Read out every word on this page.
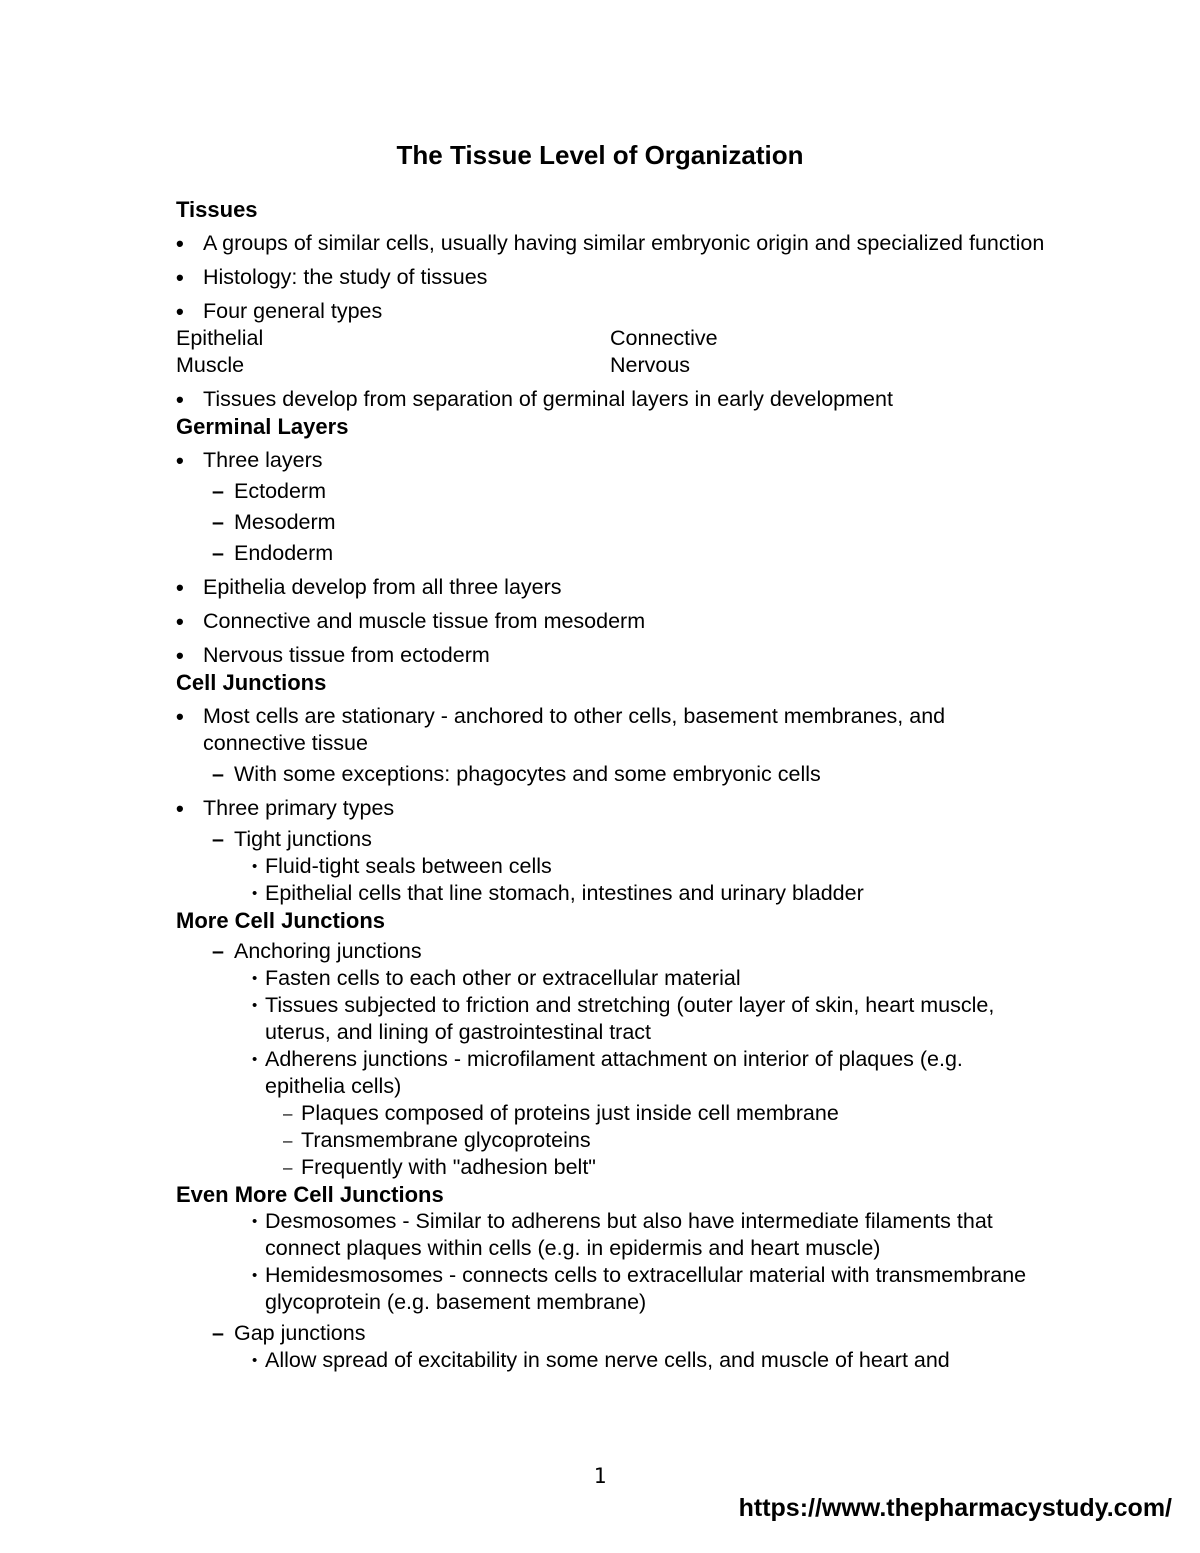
The Tissue Level of Organization
Tissues
• A groups of similar cells, usually having similar embryonic origin and specialized function
• Histology: the study of tissues
• Four general types
Epithelial	Connective
Muscle	Nervous
• Tissues develop from separation of germinal layers in early development
Germinal Layers
• Three layers
– Ectoderm
– Mesoderm
– Endoderm
• Epithelia develop from all three layers
• Connective and muscle tissue from mesoderm
• Nervous tissue from ectoderm
Cell Junctions
• Most cells are stationary - anchored to other cells, basement membranes, and connective tissue
– With some exceptions: phagocytes and some embryonic cells
• Three primary types
– Tight junctions
• Fluid-tight seals between cells
• Epithelial cells that line stomach, intestines and urinary bladder
More Cell Junctions
– Anchoring junctions
• Fasten cells to each other or extracellular material
• Tissues subjected to friction and stretching (outer layer of skin, heart muscle, uterus, and lining of gastrointestinal tract
• Adherens junctions - microfilament attachment on interior of plaques (e.g. epithelia cells)
– Plaques composed of proteins just inside cell membrane
– Transmembrane glycoproteins
– Frequently with "adhesion belt"
Even More Cell Junctions
• Desmosomes - Similar to adherens but also have intermediate filaments that connect plaques within cells (e.g. in epidermis and heart muscle)
• Hemidesmosomes - connects cells to extracellular material with transmembrane glycoprotein (e.g. basement membrane)
– Gap junctions
• Allow spread of excitability in some nerve cells, and muscle of heart and
1
https://www.thepharmacystudy.com/
